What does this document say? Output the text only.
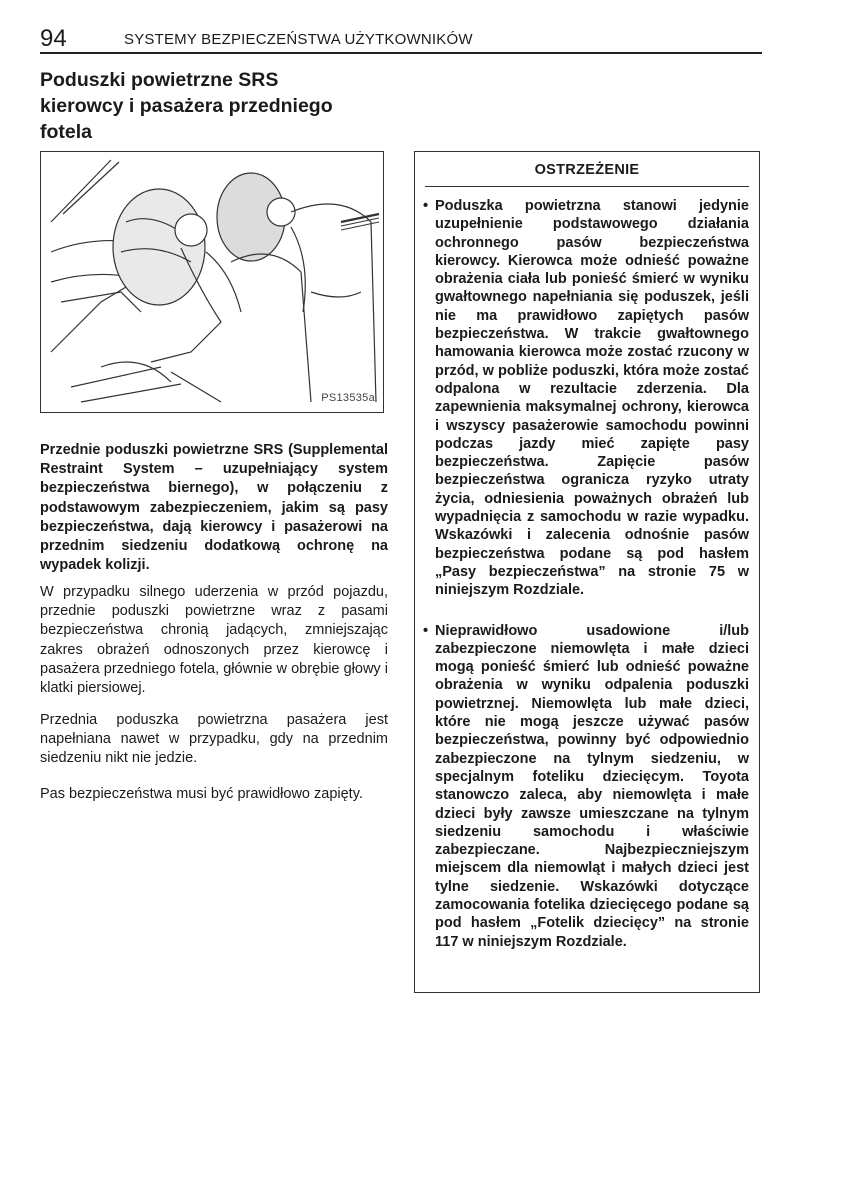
94	SYSTEMY BEZPIECZEŃSTWA UŻYTKOWNIKÓW
Poduszki powietrzne SRS
kierowcy i pasażera przedniego
fotela
PS13535a

Przednie poduszki powietrzne SRS (Supplemental Restraint System – uzupełniający system bezpieczeństwa biernego), w połączeniu z podstawowym zabezpieczeniem, jakim są pasy bezpieczeństwa, dają kierowcy i pasażerowi na przednim siedzeniu dodatkową ochronę na wypadek kolizji.

W przypadku silnego uderzenia w przód pojazdu, przednie poduszki powietrzne wraz z pasami bezpieczeństwa chronią jadących, zmniejszając zakres obrażeń odnoszonych przez kierowcę i pasażera przedniego fotela, głównie w obrębie głowy i klatki piersiowej.

Przednia poduszka powietrzna pasażera jest napełniana nawet w przypadku, gdy na przednim siedzeniu nikt nie jedzie.

Pas bezpieczeństwa musi być prawidłowo zapięty.

OSTRZEŻENIE
• Poduszka powietrzna stanowi jedynie uzupełnienie podstawowego działania ochronnego pasów bezpieczeństwa kierowcy. Kierowca może odnieść poważne obrażenia ciała lub ponieść śmierć w wyniku gwałtownego napełniania się poduszek, jeśli nie ma prawidłowo zapiętych pasów bezpieczeństwa. W trakcie gwałtownego hamowania kierowca może zostać rzucony w przód, w pobliże poduszki, która może zostać odpalona w rezultacie zderzenia. Dla zapewnienia maksymalnej ochrony, kierowca i wszyscy pasażerowie samochodu powinni podczas jazdy mieć zapięte pasy bezpieczeństwa. Zapięcie pasów bezpieczeństwa ogranicza ryzyko utraty życia, odniesienia poważnych obrażeń lub wypadnięcia z samochodu w razie wypadku. Wskazówki i zalecenia odnośnie pasów bezpieczeństwa podane są pod hasłem „Pasy bezpieczeństwa” na stronie 75 w niniejszym Rozdziale.
• Nieprawidłowo usadowione i/lub zabezpieczone niemowlęta i małe dzieci mogą ponieść śmierć lub odnieść poważne obrażenia w wyniku odpalenia poduszki powietrznej. Niemowlęta lub małe dzieci, które nie mogą jeszcze używać pasów bezpieczeństwa, powinny być odpowiednio zabezpieczone na tylnym siedzeniu, w specjalnym foteliku dziecięcym. Toyota stanowczo zaleca, aby niemowlęta i małe dzieci były zawsze umieszczane na tylnym siedzeniu samochodu i właściwie zabezpieczane. Najbezpieczniejszym miejscem dla niemowląt i małych dzieci jest tylne siedzenie. Wskazówki dotyczące zamocowania fotelika dziecięcego podane są pod hasłem „Fotelik dziecięcy” na stronie 117 w niniejszym Rozdziale.
